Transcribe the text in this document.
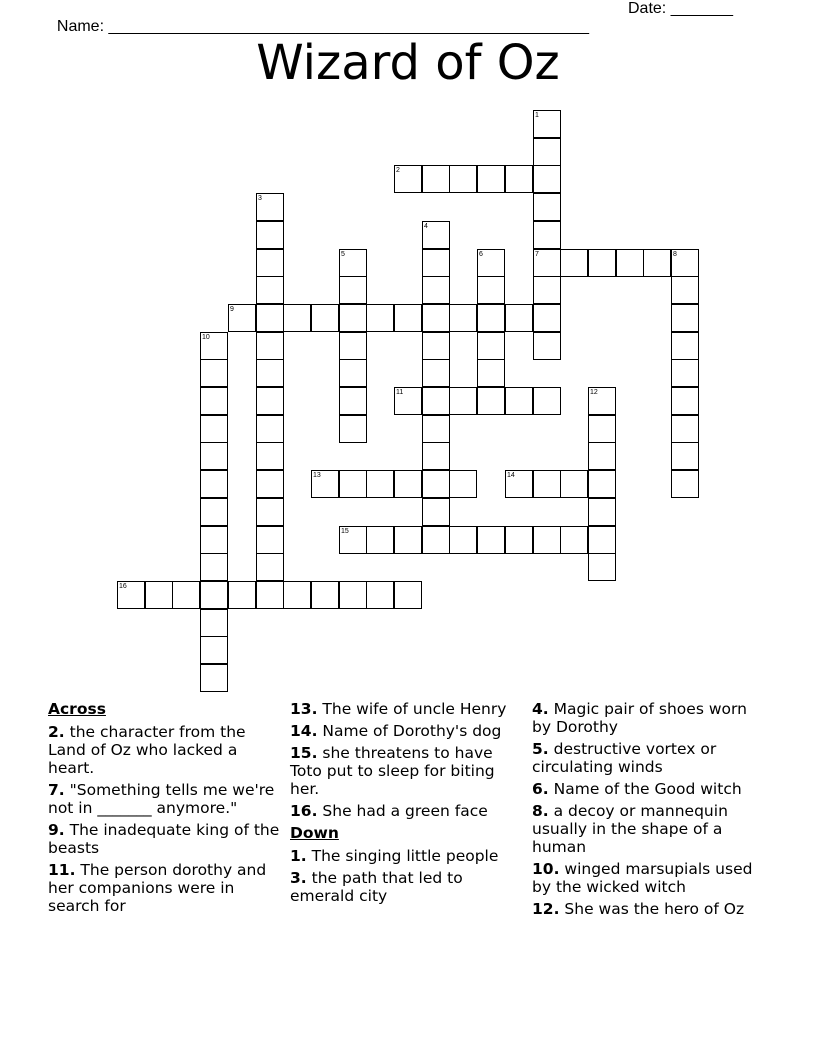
Name: ______________________________________________________

Date: _______

Wizard of Oz
1
7
2
3
4
5	6	8
9
10
11	12
13	14
15
16
Across
2. the character from the Land of Oz who lacked a heart.
7. "Something tells me we're not in _______ anymore."
9. The inadequate king of the beasts
11. The person dorothy and her companions were in search for
13. The wife of uncle Henry
14. Name of Dorothy's dog
15. she threatens to have Toto put to sleep for biting her.
16. She had a green face
Down
1. The singing little people
3. the path that led to emerald city
4. Magic pair of shoes worn by Dorothy
5. destructive vortex or circulating winds
6. Name of the Good witch
8. a decoy or mannequin usually in the shape of a human
10. winged marsupials used by the wicked witch
12. She was the hero of Oz
